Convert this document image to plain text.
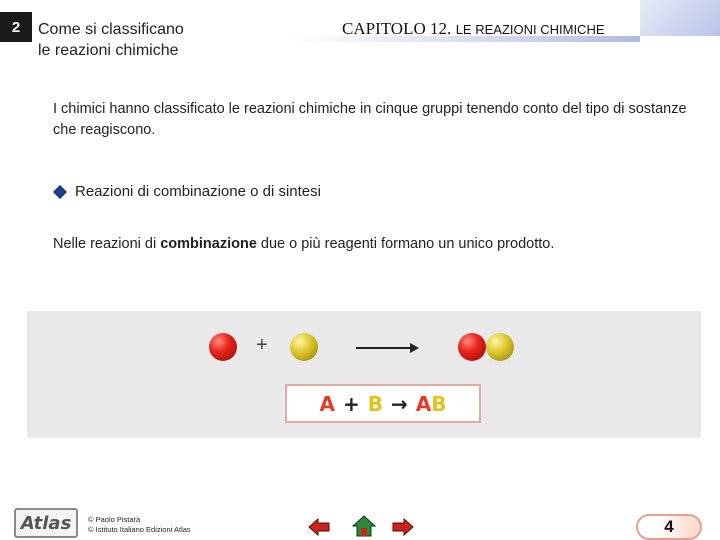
2	Come si classificano
le reazioni chimiche
CAPITOLO 12. LE REAZIONI CHIMICHE
I chimici hanno classificato le reazioni chimiche in cinque gruppi tenendo conto del tipo di sostanze che reagiscono.
Reazioni di combinazione o di sintesi
Nelle reazioni di combinazione due o più reagenti formano un unico prodotto.
+
A + B → AB
Atlas	© Paolo Pistarà
© Istituto Italiano Edizioni Atlas	4
